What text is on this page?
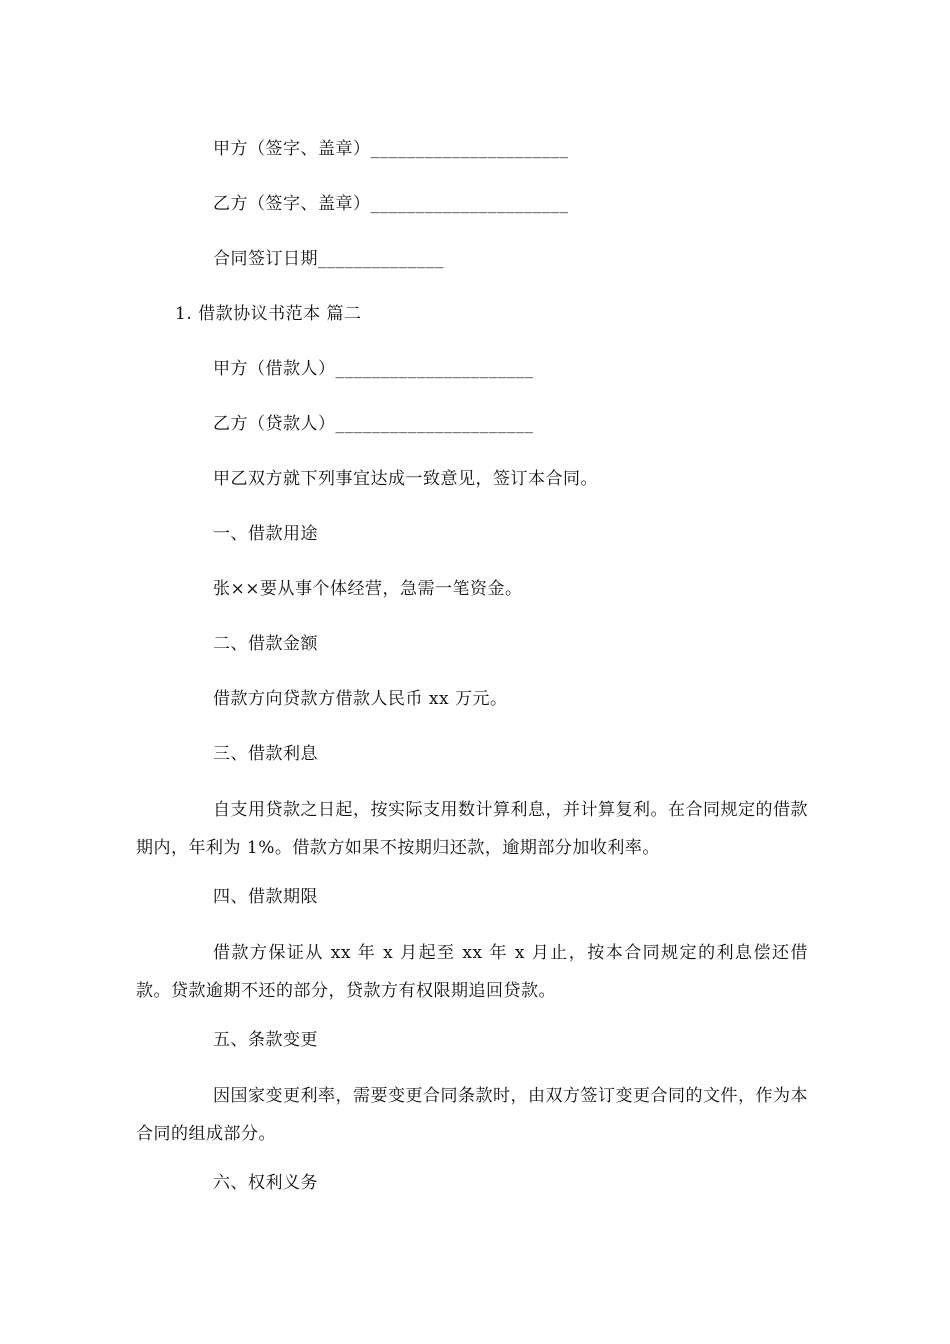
甲方（签字、盖章）______________________
乙方（签字、盖章）______________________
合同签订日期______________
1. 借款协议书范本 篇二
甲方（借款人）______________________
乙方（贷款人）______________________
甲乙双方就下列事宜达成一致意见，签订本合同。
一、借款用途
张××要从事个体经营，急需一笔资金。
二、借款金额
借款方向贷款方借款人民币 xx 万元。
三、借款利息
自支用贷款之日起，按实际支用数计算利息，并计算复利。在合同规定的借款期内，年利为 1%。借款方如果不按期归还款，逾期部分加收利率。
四、借款期限
借款方保证从 xx 年 x 月起至 xx 年 x 月止，按本合同规定的利息偿还借款。贷款逾期不还的部分，贷款方有权限期追回贷款。
五、条款变更
因国家变更利率，需要变更合同条款时，由双方签订变更合同的文件，作为本合同的组成部分。
六、权利义务
